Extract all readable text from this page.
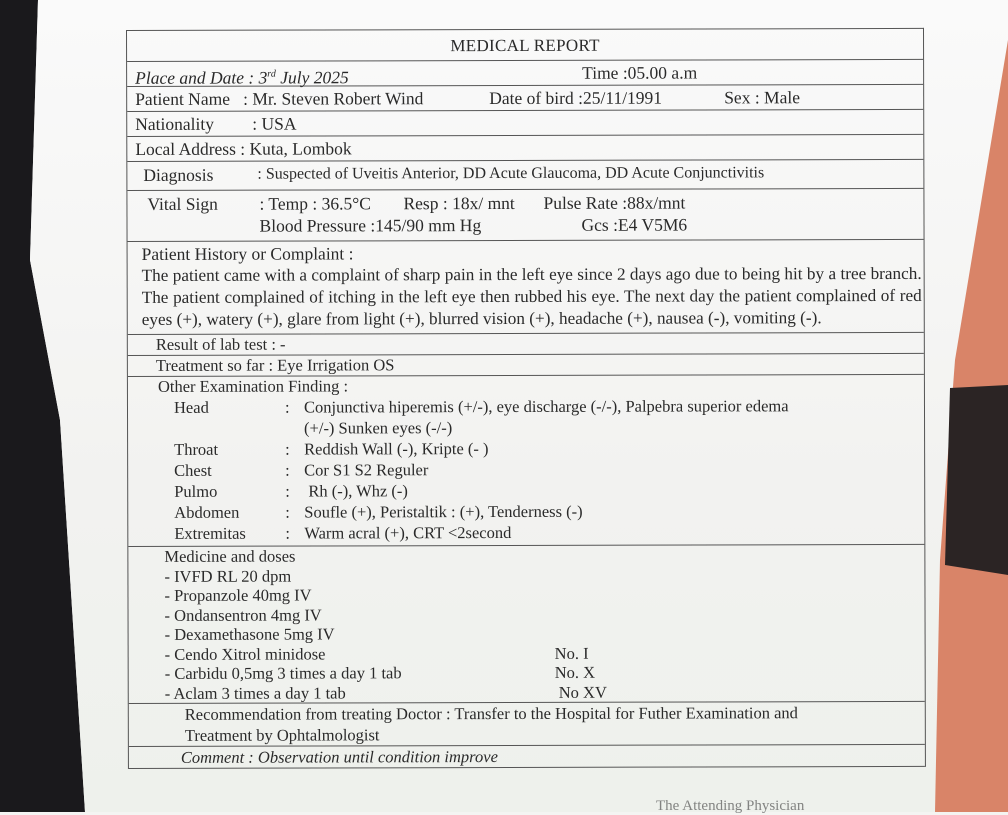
MEDICAL REPORT
Place and Date : 3rd July 2025	Time :05.00 a.m
Patient Name   : Mr. Steven Robert Wind	Date of bird :25/11/1991	Sex : Male
Nationality : USA
Local Address : Kuta, Lombok
Diagnosis	: Suspected of Uveitis Anterior, DD Acute Glaucoma, DD Acute Conjunctivitis
Vital Sign : Temp : 36.5°C Resp : 18x/ mnt Pulse Rate :88x/mnt
Blood Pressure :145/90 mm Hg	Gcs :E4 V5M6
Patient History or Complaint :

The patient came with a complaint of sharp pain in the left eye since 2 days ago due to being hit by a tree branch. The patient complained of itching in the left eye then rubbed his eye. The next day the patient complained of red eyes (+), watery (+), glare from light (+), blurred vision (+), headache (+), nausea (-), vomiting (-).

Result of lab test : -
Treatment so far : Eye Irrigation OS
Other Examination Finding :
Head	: Conjunctiva hiperemis (+/-), eye discharge (-/-), Palpebra superior edema
(+/-) Sunken eyes (-/-)
Throat	: Reddish Wall (-), Kripte (- )
Chest	: Cor S1 S2 Reguler
Pulmo	: Rh (-), Whz (-)
Abdomen	: Soufle (+), Peristaltik : (+), Tenderness (-)
Extremitas : Warm acral (+), CRT <2second
Medicine and doses
- IVFD RL 20 dpm
- Propanzole 40mg IV
- Ondansentron 4mg IV
- Dexamethasone 5mg IV
- Cendo Xitrol minidose	No. I
- Carbidu 0,5mg 3 times a day 1 tab	No. X
- Aclam 3 times a day 1 tab	No XV
Recommendation from treating Doctor : Transfer to the Hospital for Futher Examination and Treatment by Ophtalmologist
Comment : Observation until condition improve
The Attending Physician
